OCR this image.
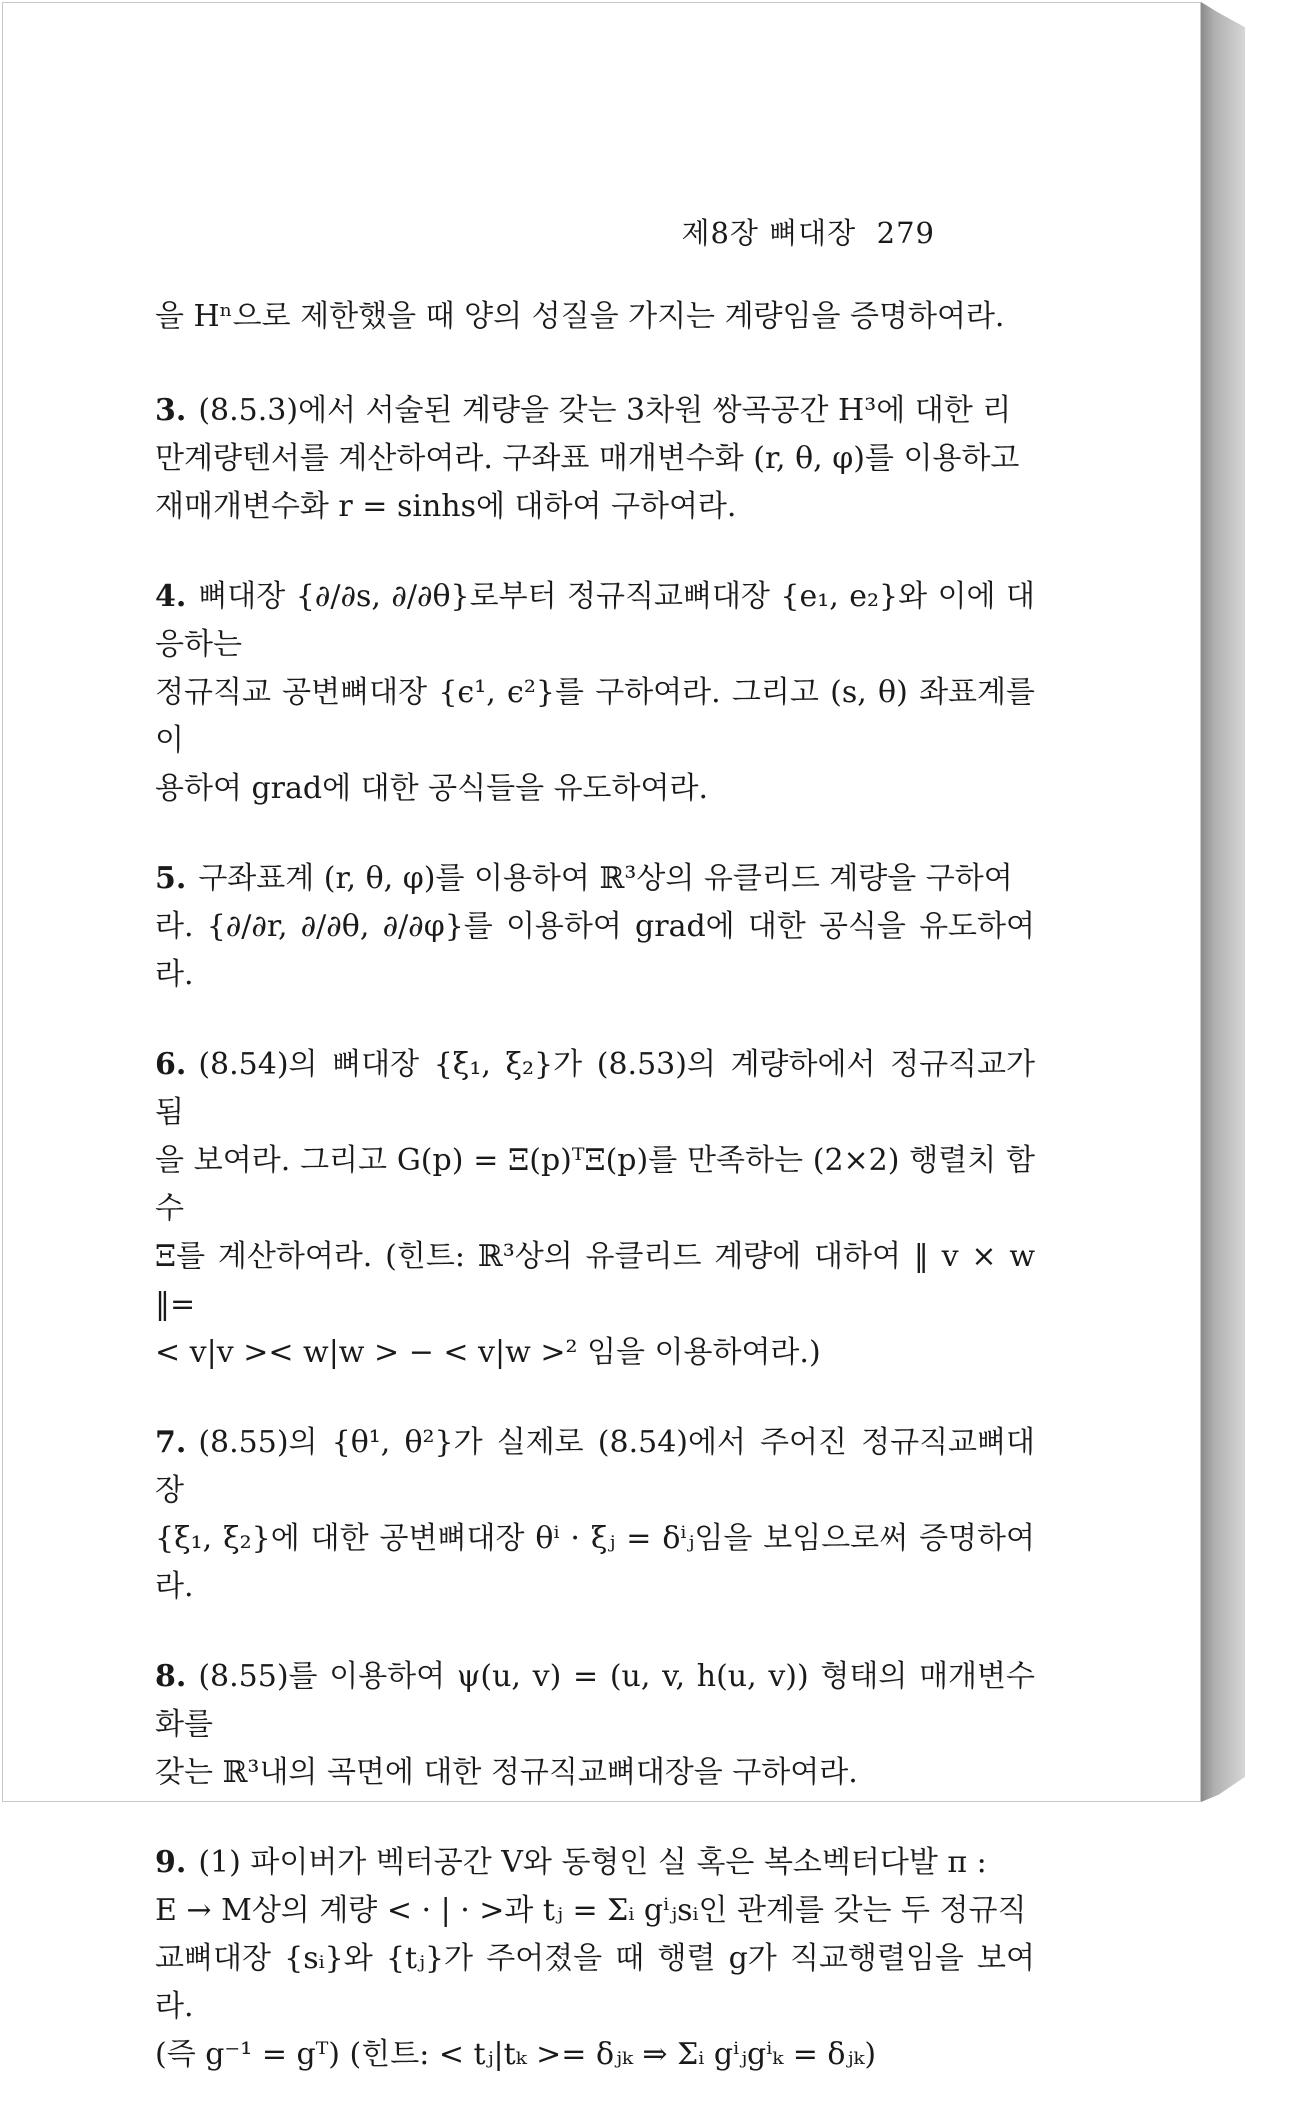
제8장 뼈대장 279
을 Hⁿ으로 제한했을 때 양의 성질을 가지는 계량임을 증명하여라.
3. (8.5.3)에서 서술된 계량을 갖는 3차원 쌍곡공간 H³에 대한 리
만계량텐서를 계산하여라. 구좌표 매개변수화 (r, θ, φ)를 이용하고
재매개변수화 r = sinhs에 대하여 구하여라.
4. 뼈대장 {∂/∂s, ∂/∂θ}로부터 정규직교뼈대장 {e₁, e₂}와 이에 대응하는
정규직교 공변뼈대장 {ϵ¹, ϵ²}를 구하여라. 그리고 (s, θ) 좌표계를 이
용하여 grad에 대한 공식들을 유도하여라.
5. 구좌표계 (r, θ, φ)를 이용하여 ℝ³상의 유클리드 계량을 구하여
라. {∂/∂r, ∂/∂θ, ∂/∂φ}를 이용하여 grad에 대한 공식을 유도하여라.
6. (8.54)의 뼈대장 {ξ₁, ξ₂}가 (8.53)의 계량하에서 정규직교가 됨
을 보여라. 그리고 G(p) = Ξ(p)ᵀΞ(p)를 만족하는 (2×2) 행렬치 함수
Ξ를 계산하여라. (힌트: ℝ³상의 유클리드 계량에 대하여 ‖ v × w ‖=
< v|v >< w|w > − < v|w >² 임을 이용하여라.)
7. (8.55)의 {θ¹, θ²}가 실제로 (8.54)에서 주어진 정규직교뼈대장
{ξ₁, ξ₂}에 대한 공변뼈대장 θⁱ · ξⱼ = δⁱⱼ임을 보임으로써 증명하여라.
8. (8.55)를 이용하여 ψ(u, v) = (u, v, h(u, v)) 형태의 매개변수화를
갖는 ℝ³내의 곡면에 대한 정규직교뼈대장을 구하여라.
9. (1) 파이버가 벡터공간 V와 동형인 실 혹은 복소벡터다발 π :
E → M상의 계량 < · | · >과 tⱼ = Σᵢ gⁱⱼsᵢ인 관계를 갖는 두 정규직
교뼈대장 {sᵢ}와 {tⱼ}가 주어졌을 때 행렬 g가 직교행렬임을 보여라.
(즉 g⁻¹ = gᵀ) (힌트: < tⱼ|tₖ >= δⱼₖ ⇒ Σᵢ gⁱⱼgⁱₖ = δⱼₖ)
